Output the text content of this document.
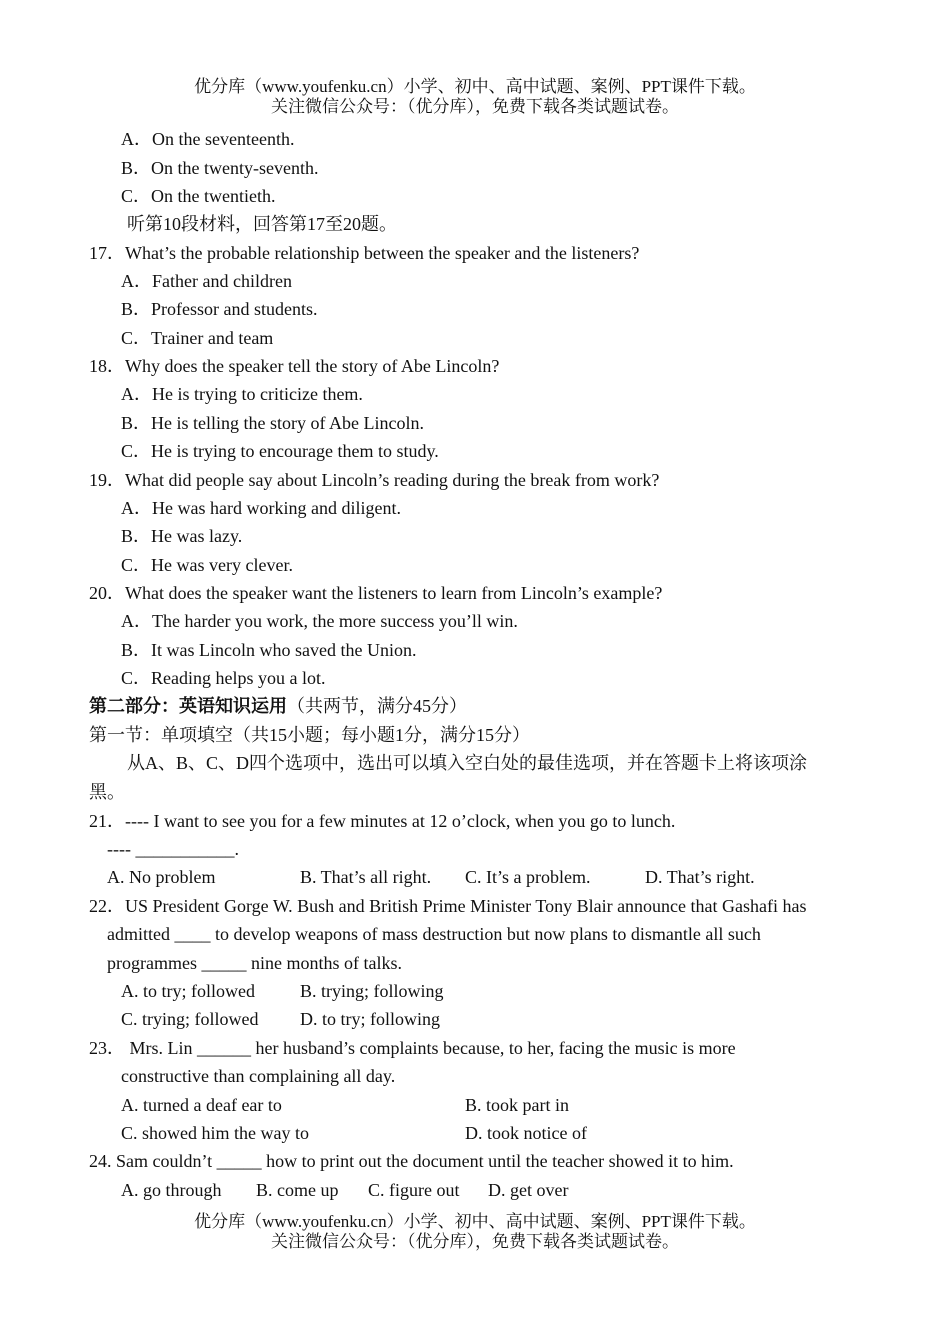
优分库（www.youfenku.cn）小学、初中、高中试题、案例、PPT课件下载。
关注微信公众号：（优分库），免费下载各类试题试卷。
A．On the seventeenth.
B．On the twenty-seventh.
C．On the twentieth.
听第10段材料，回答第17至20题。
17．What’s the probable relationship between the speaker and the listeners?
A．Father and children
B．Professor and students.
C．Trainer and team
18．Why does the speaker tell the story of Abe Lincoln?
A．He is trying to criticize them.
B．He is telling the story of Abe Lincoln.
C．He is trying to encourage them to study.
19．What did people say about Lincoln’s reading during the break from work?
A．He was hard working and diligent.
B．He was lazy.
C．He was very clever.
20．What does the speaker want the listeners to learn from Lincoln’s example?
A．The harder you work, the more success you’ll win.
B．It was Lincoln who saved the Union.
C．Reading helps you a lot.
第二部分：英语知识运用（共两节，满分45分）
第一节：单项填空（共15小题；每小题1分，满分15分）
从A、B、C、D四个选项中，选出可以填入空白处的最佳选项，并在答题卡上将该项涂
黑。
21．---- I want to see you for a few minutes at 12 o’clock, when you go to lunch.
---- ___________.
A. No problem	B. That’s all right. C. It’s a problem.	D. That’s right.
22．US President Gorge W. Bush and British Prime Minister Tony Blair announce that Gashafi has
admitted ____ to develop weapons of mass destruction but now plans to dismantle all such
programmes _____ nine months of talks.
A. to try; followed	B. trying; following
C. trying; followed D. to try; following
23． Mrs. Lin ______ her husband’s complaints because, to her, facing the music is more
constructive than complaining all day.
A. turned a deaf ear to	B. took part in
C. showed him the way to	D. took notice of
24. Sam couldn’t _____ how to print out the document until the teacher showed it to him.
A. go through B. come up C. figure out D. get over
优分库（www.youfenku.cn）小学、初中、高中试题、案例、PPT课件下载。
关注微信公众号：（优分库），免费下载各类试题试卷。
